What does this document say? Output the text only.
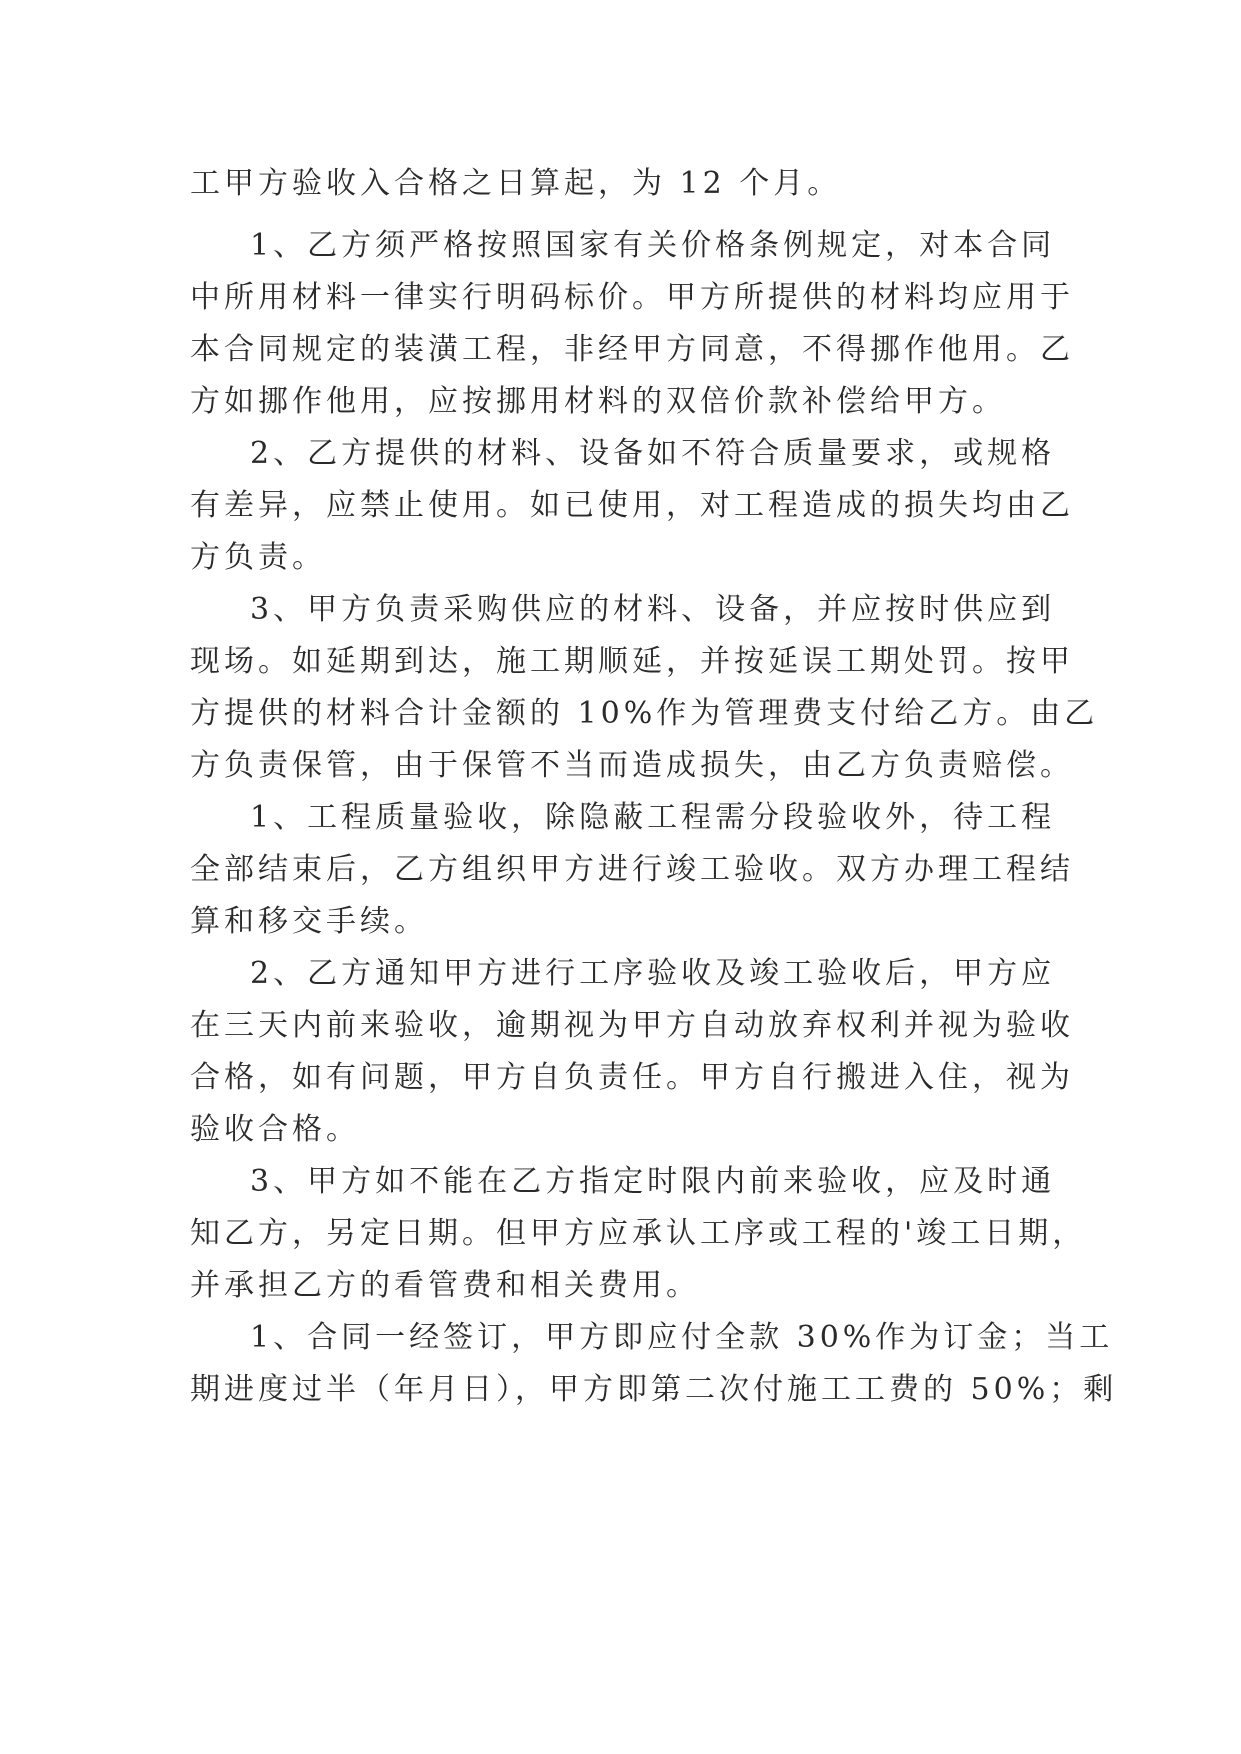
工甲方验收入合格之日算起，为 12 个月。
1、乙方须严格按照国家有关价格条例规定，对本合同
中所用材料一律实行明码标价。甲方所提供的材料均应用于
本合同规定的装潢工程，非经甲方同意，不得挪作他用。乙
方如挪作他用，应按挪用材料的双倍价款补偿给甲方。
2、乙方提供的材料、设备如不符合质量要求，或规格
有差异，应禁止使用。如已使用，对工程造成的损失均由乙
方负责。
3、甲方负责采购供应的材料、设备，并应按时供应到
现场。如延期到达，施工期顺延，并按延误工期处罚。按甲
方提供的材料合计金额的 10%作为管理费支付给乙方。由乙
方负责保管，由于保管不当而造成损失，由乙方负责赔偿。
1、工程质量验收，除隐蔽工程需分段验收外，待工程
全部结束后，乙方组织甲方进行竣工验收。双方办理工程结
算和移交手续。
2、乙方通知甲方进行工序验收及竣工验收后，甲方应
在三天内前来验收，逾期视为甲方自动放弃权利并视为验收
合格，如有问题，甲方自负责任。甲方自行搬进入住，视为
验收合格。
3、甲方如不能在乙方指定时限内前来验收，应及时通
知乙方，另定日期。但甲方应承认工序或工程的'竣工日期，
并承担乙方的看管费和相关费用。
1、合同一经签订，甲方即应付全款 30%作为订金；当工
期进度过半（年月日），甲方即第二次付施工工费的 50%；剩
